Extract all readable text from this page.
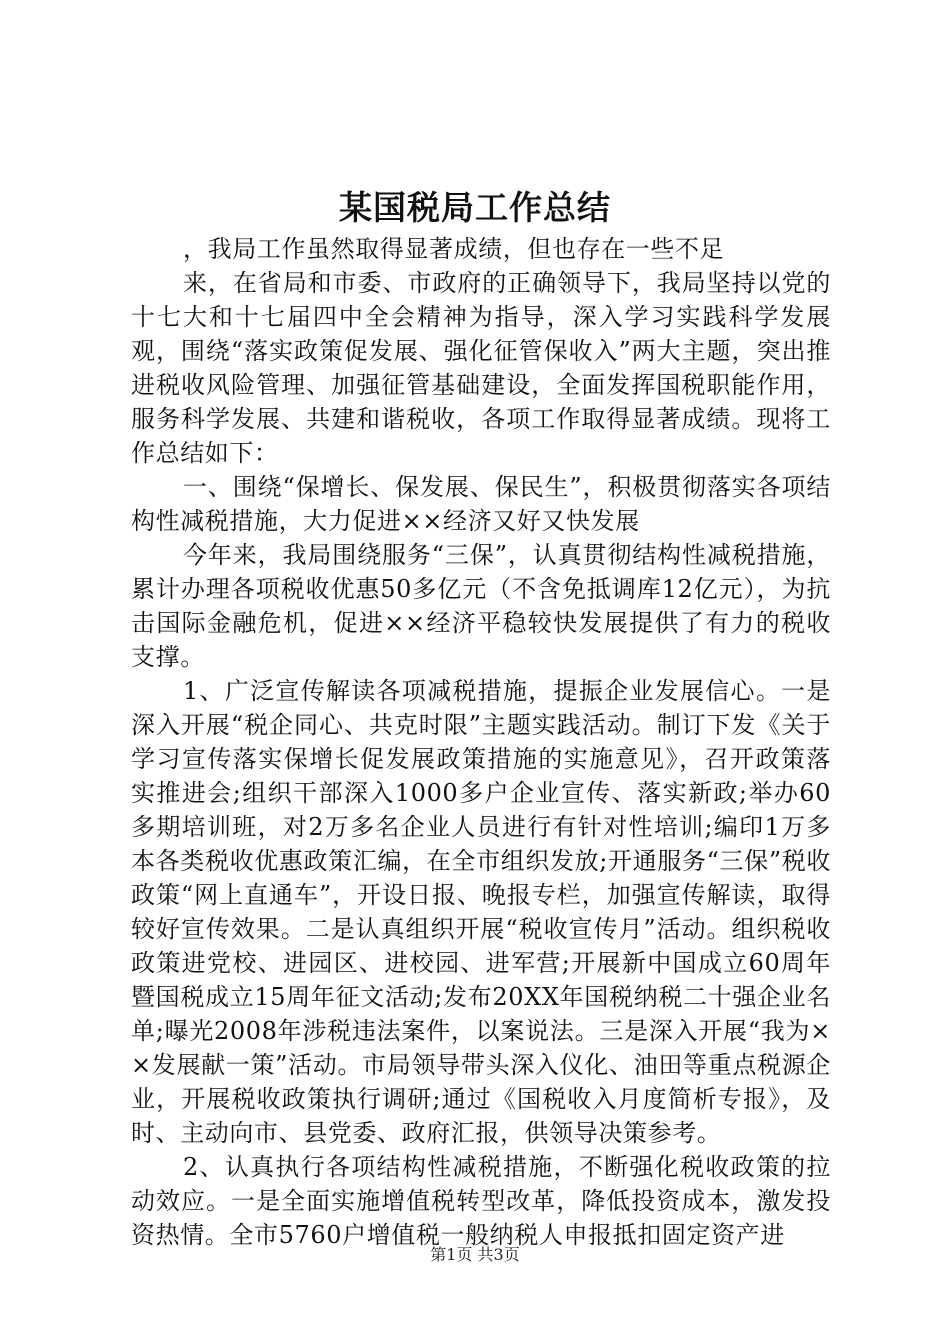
某国税局工作总结

，我局工作虽然取得显著成绩，但也存在一些不足

来，在省局和市委、市政府的正确领导下，我局坚持以党的十七大和十七届四中全会精神为指导，深入学习实践科学发展观，围绕“落实政策促发展、强化征管保收入”两大主题，突出推进税收风险管理、加强征管基础建设，全面发挥国税职能作用，服务科学发展、共建和谐税收，各项工作取得显著成绩。现将工作总结如下：

一、围绕“保增长、保发展、保民生”，积极贯彻落实各项结构性减税措施，大力促进××经济又好又快发展

今年来，我局围绕服务“三保”，认真贯彻结构性减税措施，累计办理各项税收优惠50多亿元（不含免抵调库12亿元），为抗击国际金融危机，促进××经济平稳较快发展提供了有力的税收支撑。

1、广泛宣传解读各项减税措施，提振企业发展信心。一是深入开展“税企同心、共克时限”主题实践活动。制订下发《关于学习宣传落实保增长促发展政策措施的实施意见》，召开政策落实推进会;组织干部深入1000多户企业宣传、落实新政;举办60多期培训班，对2万多名企业人员进行有针对性培训;编印1万多本各类税收优惠政策汇编，在全市组织发放;开通服务“三保”税收政策“网上直通车”，开设日报、晚报专栏，加强宣传解读，取得较好宣传效果。二是认真组织开展“税收宣传月”活动。组织税收政策进党校、进园区、进校园、进军营;开展新中国成立60周年暨国税成立15周年征文活动;发布20XX年国税纳税二十强企业名单;曝光2008年涉税违法案件，以案说法。三是深入开展“我为××发展献一策”活动。市局领导带头深入仪化、油田等重点税源企业，开展税收政策执行调研;通过《国税收入月度简析专报》，及时、主动向市、县党委、政府汇报，供领导决策参考。

2、认真执行各项结构性减税措施，不断强化税收政策的拉动效应。一是全面实施增值税转型改革，降低投资成本，激发投资热情。全市5760户增值税一般纳税人申报抵扣固定资产进

第1页 共3页
